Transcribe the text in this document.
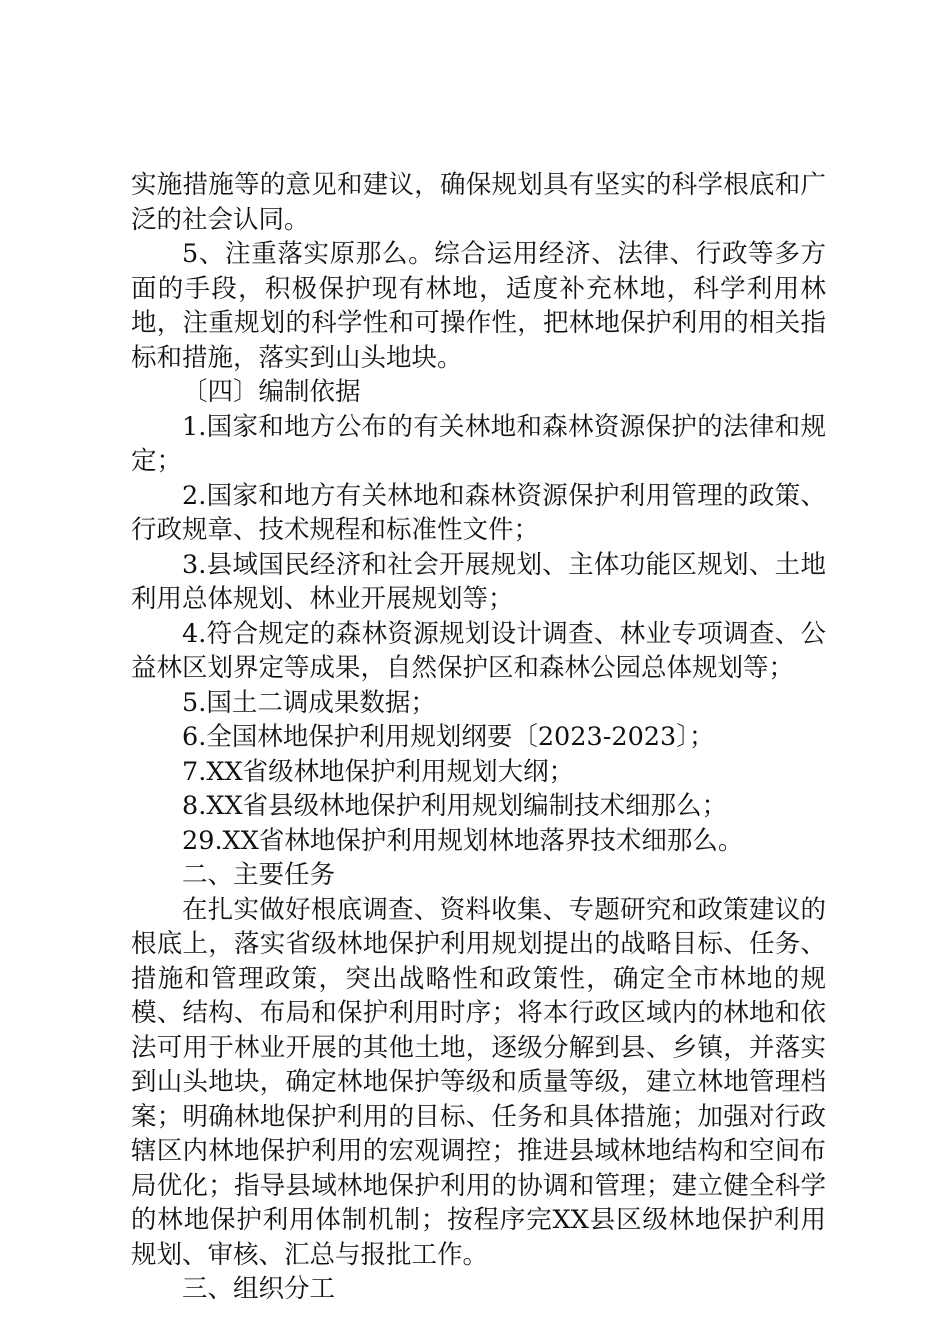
实施措施等的意见和建议，确保规划具有坚实的科学根底和广泛的社会认同。

5、注重落实原那么。综合运用经济、法律、行政等多方面的手段，积极保护现有林地，适度补充林地，科学利用林地，注重规划的科学性和可操作性，把林地保护利用的相关指标和措施，落实到山头地块。

〔四〕编制依据

1.国家和地方公布的有关林地和森林资源保护的法律和规定；

2.国家和地方有关林地和森林资源保护利用管理的政策、行政规章、技术规程和标准性文件；

3.县域国民经济和社会开展规划、主体功能区规划、土地利用总体规划、林业开展规划等；

4.符合规定的森林资源规划设计调查、林业专项调查、公益林区划界定等成果，自然保护区和森林公园总体规划等；

5.国土二调成果数据；

6.全国林地保护利用规划纲要〔2023-2023〕；

7.XX省级林地保护利用规划大纲；

8.XX省县级林地保护利用规划编制技术细那么；

29.XX省林地保护利用规划林地落界技术细那么。

二、主要任务

在扎实做好根底调查、资料收集、专题研究和政策建议的根底上，落实省级林地保护利用规划提出的战略目标、任务、措施和管理政策，突出战略性和政策性，确定全市林地的规模、结构、布局和保护利用时序；将本行政区域内的林地和依法可用于林业开展的其他土地，逐级分解到县、乡镇，并落实到山头地块，确定林地保护等级和质量等级，建立林地管理档案；明确林地保护利用的目标、任务和具体措施；加强对行政辖区内林地保护利用的宏观调控；推进县域林地结构和空间布局优化；指导县域林地保护利用的协调和管理；建立健全科学的林地保护利用体制机制；按程序完XX县区级林地保护利用规划、审核、汇总与报批工作。

三、组织分工
